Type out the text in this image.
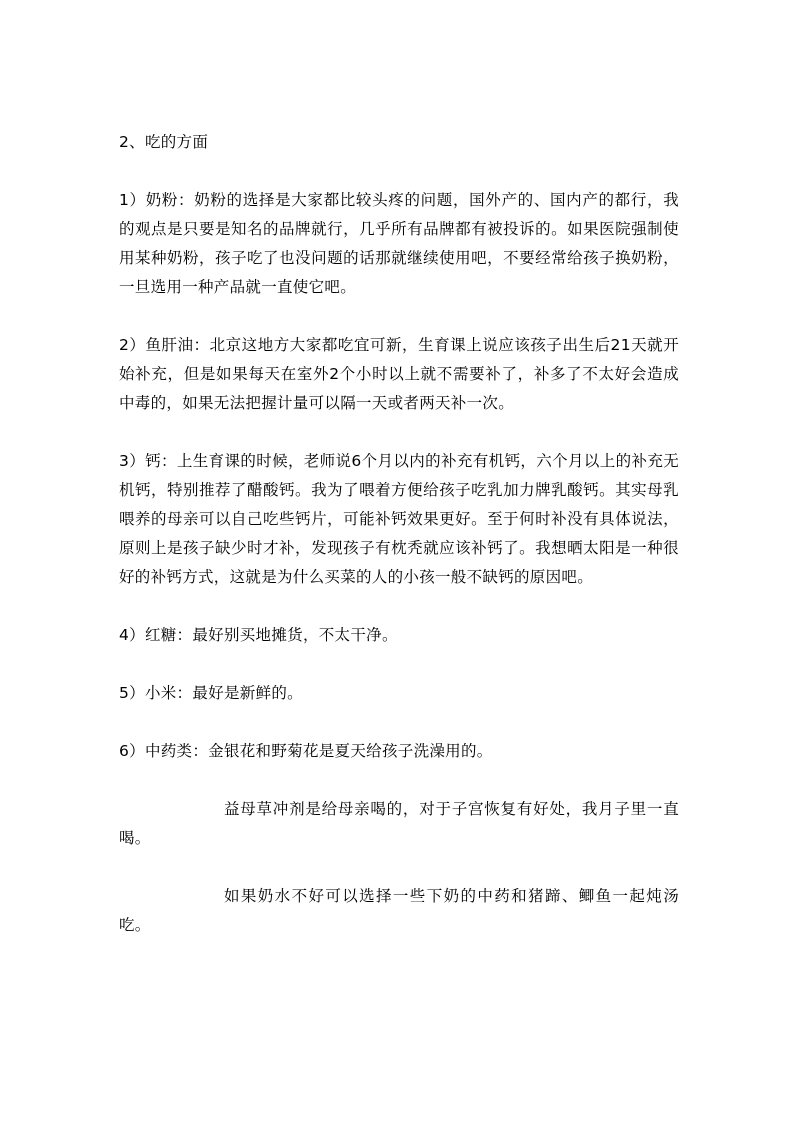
2、吃的方面

1）奶粉：奶粉的选择是大家都比较头疼的问题，国外产的、国内产的都行，我的观点是只要是知名的品牌就行，几乎所有品牌都有被投诉的。如果医院强制使用某种奶粉，孩子吃了也没问题的话那就继续使用吧，不要经常给孩子换奶粉，一旦选用一种产品就一直使它吧。

2）鱼肝油：北京这地方大家都吃宜可新，生育课上说应该孩子出生后21天就开始补充，但是如果每天在室外2个小时以上就不需要补了，补多了不太好会造成中毒的，如果无法把握计量可以隔一天或者两天补一次。

3）钙：上生育课的时候，老师说6个月以内的补充有机钙，六个月以上的补充无机钙，特别推荐了醋酸钙。我为了喂着方便给孩子吃乳加力牌乳酸钙。其实母乳喂养的母亲可以自己吃些钙片，可能补钙效果更好。至于何时补没有具体说法，原则上是孩子缺少时才补，发现孩子有枕秃就应该补钙了。我想晒太阳是一种很好的补钙方式，这就是为什么买菜的人的小孩一般不缺钙的原因吧。

4）红糖：最好别买地摊货，不太干净。

5）小米：最好是新鲜的。

6）中药类：金银花和野菊花是夏天给孩子洗澡用的。

益母草冲剂是给母亲喝的，对于子宫恢复有好处，我月子里一直喝。

如果奶水不好可以选择一些下奶的中药和猪蹄、鲫鱼一起炖汤吃。
